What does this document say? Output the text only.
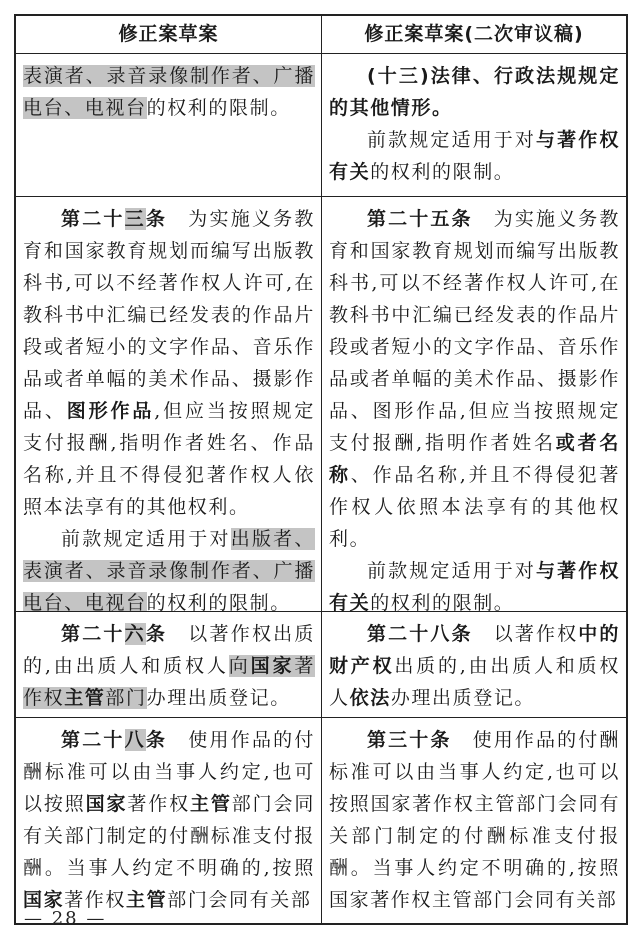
修正案草案	修正案草案(二次审议稿)

表演者、录音录像制作者、广播电台、电视台的权利的限制。

(十三)法律、行政法规规定的其他情形。

前款规定适用于对与著作权有关的权利的限制。

第二十三条　为实施义务教育和国家教育规划而编写出版教科书,可以不经著作权人许可,在教科书中汇编已经发表的作品片段或者短小的文字作品、音乐作品或者单幅的美术作品、摄影作品、图形作品,但应当按照规定支付报酬,指明作者姓名、作品名称,并且不得侵犯著作权人依照本法享有的其他权利。

前款规定适用于对出版者、表演者、录音录像制作者、广播电台、电视台的权利的限制。

第二十五条　为实施义务教育和国家教育规划而编写出版教科书,可以不经著作权人许可,在教科书中汇编已经发表的作品片段或者短小的文字作品、音乐作品或者单幅的美术作品、摄影作品、图形作品,但应当按照规定支付报酬,指明作者姓名或者名称、作品名称,并且不得侵犯著作权人依照本法享有的其他权利。

前款规定适用于对与著作权有关的权利的限制。

第二十六条　以著作权出质的,由出质人和质权人向国家著作权主管部门办理出质登记。

第二十八条　以著作权中的财产权出质的,由出质人和质权人依法办理出质登记。

第二十八条　使用作品的付酬标准可以由当事人约定,也可以按照国家著作权主管部门会同有关部门制定的付酬标准支付报酬。当事人约定不明确的,按照国家著作权主管部门会同有关部

第三十条　使用作品的付酬标准可以由当事人约定,也可以按照国家著作权主管部门会同有关部门制定的付酬标准支付报酬。当事人约定不明确的,按照国家著作权主管部门会同有关部

— 28 —
